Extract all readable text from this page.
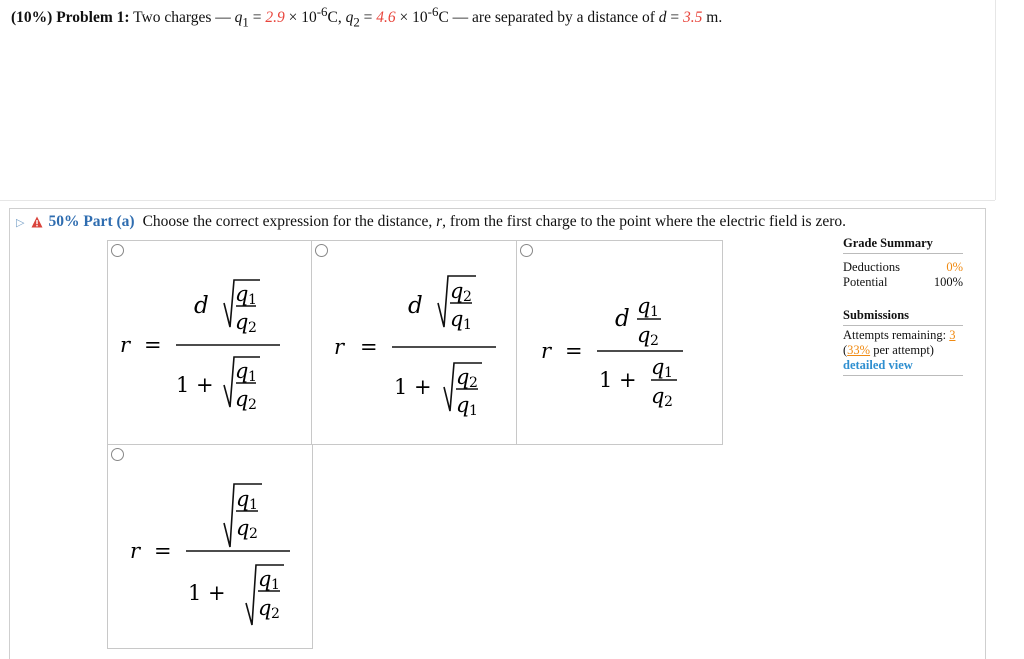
(10%) Problem 1: Two charges — $q_1 = 2.9 \times 10^{-6}C$, $q_2 = 4.6 \times 10^{-6}C$ — are separated by a distance of d = 3.5 m.
▷ 50% Part (a) Choose the correct expression for the distance,
r , from the first charge to the point where the electric field is zero.
r =
d q 1
q 2
1 +
q 1
q 2
r =
d
q 2
q 1
1 + q 2
q 1
r =
d q 1
q 2
1 +
q 1
q 2
r =
q 1
q 2
1 +
q 1
q 2
Grade Summary
Deductions	0%
Potential	100%
Submissions
Attempts remaining: 3
(33% per attempt)
detailed view
